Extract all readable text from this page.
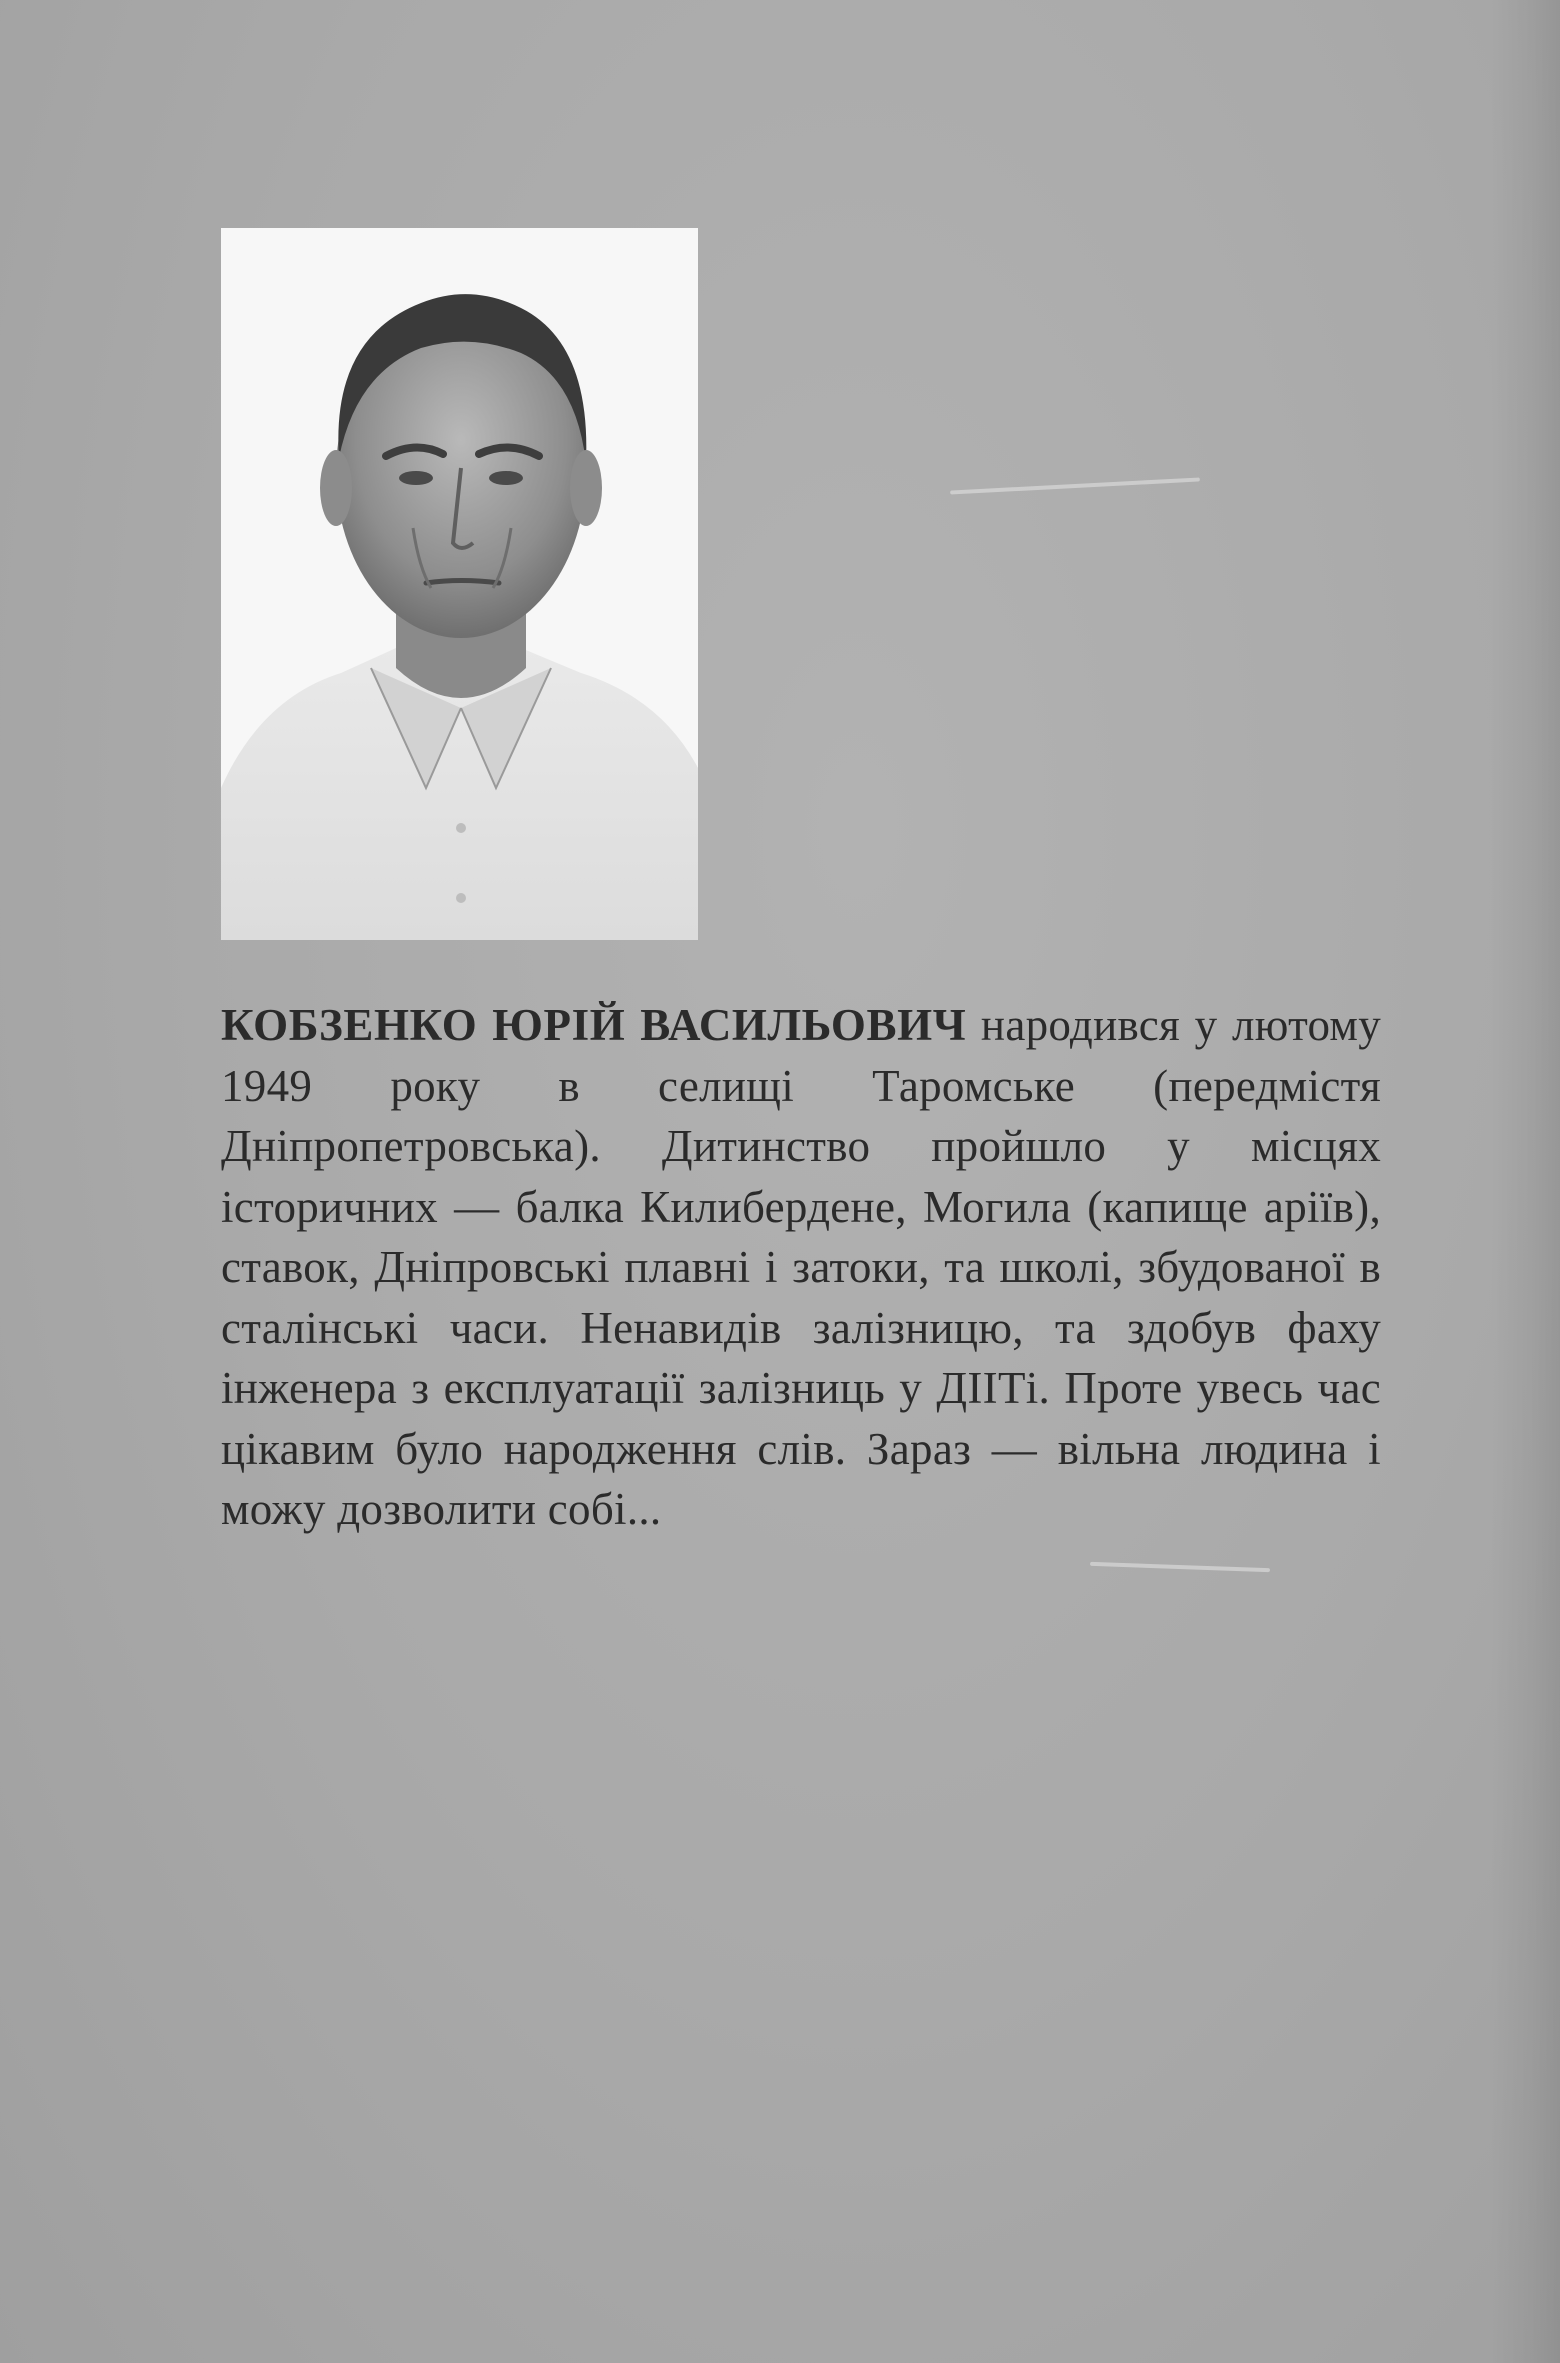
КОБЗЕНКО ЮРІЙ ВАСИЛЬОВИЧ народився у лютому 1949 року в селищі Таромське (передмістя Дніпропетровська). Дитинство пройшло у місцях історичних — балка Килибердене, Могила (капище аріїв), ставок, Дніпровські плавні і затоки, та школі, збудованої в сталінські часи. Ненавидів залізницю, та здобув фаху інженера з експлуатації залізниць у ДІІТі. Проте увесь час цікавим було народження слів. Зараз — вільна людина і можу дозволити собі...
